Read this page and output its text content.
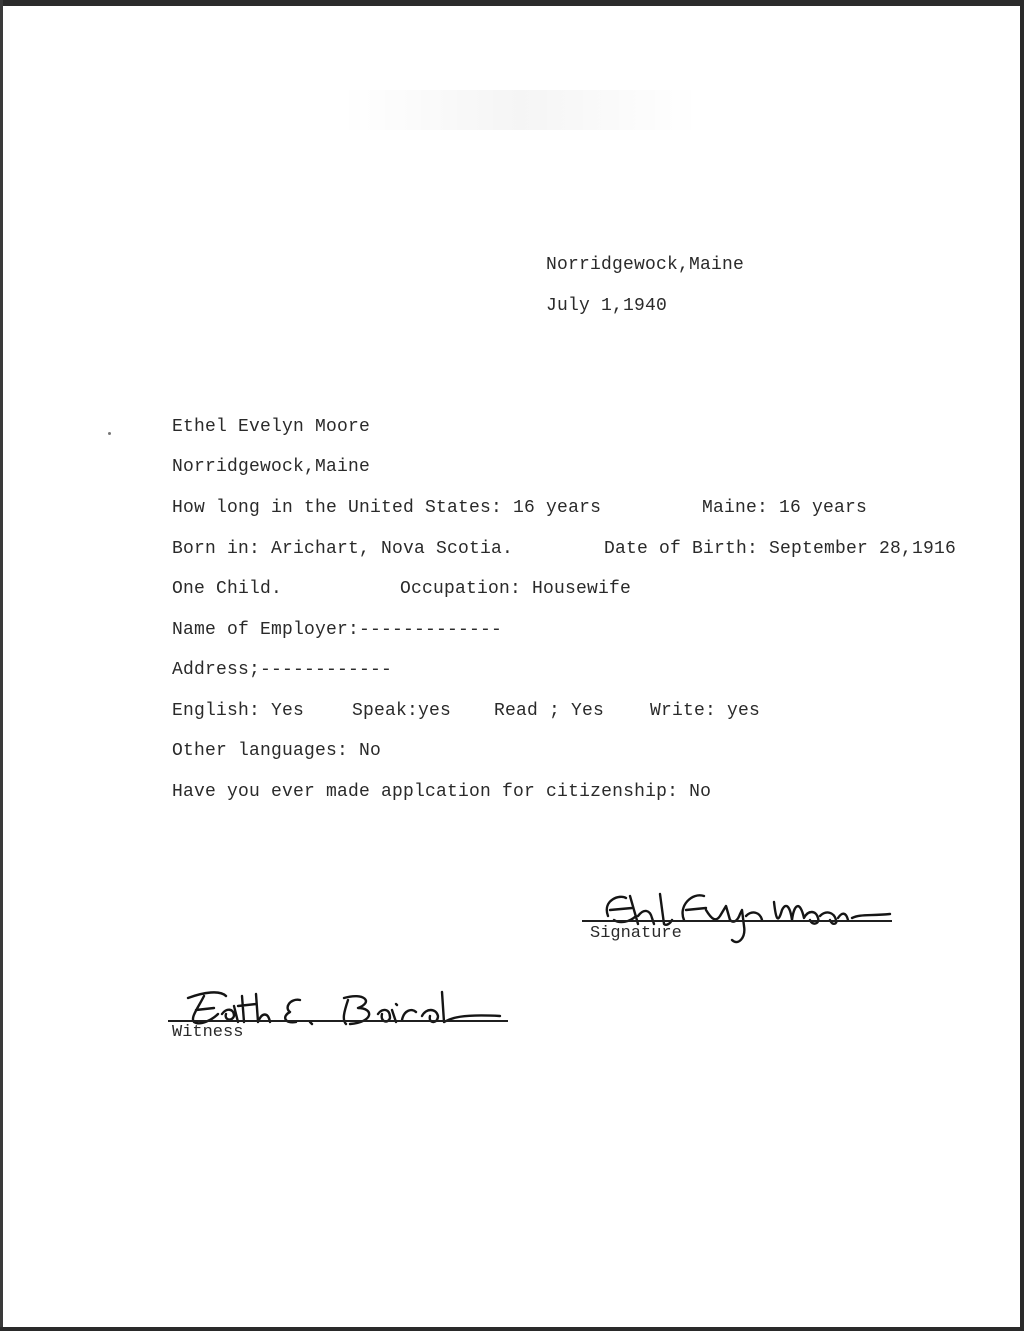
Norridgewock,Maine
July 1,1940
Ethel Evelyn Moore
Norridgewock,Maine
How long in the United States: 16 years	Maine: 16 years
Born in: Arichart, Nova Scotia.	Date of Birth: September 28,1916
One Child.	Occupation: Housewife
Name of Employer:-------------
Address;------------
English: Yes	Speak:yes Read ; Yes	Write: yes
Other languages: No
Have you ever made applcation for citizenship: No
Signature
Witness
